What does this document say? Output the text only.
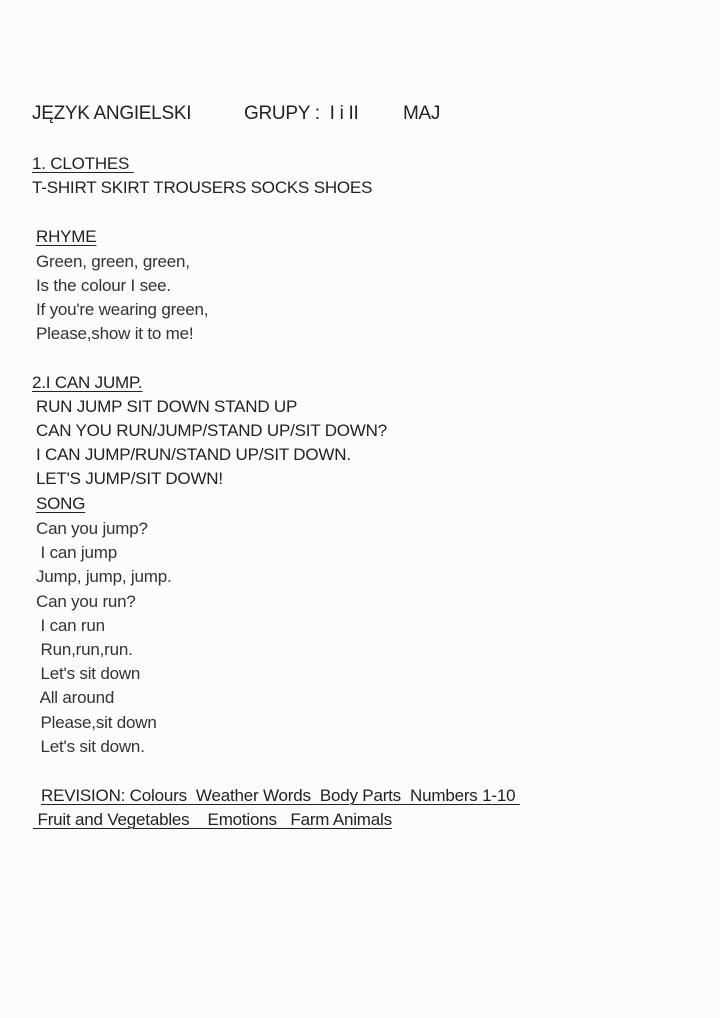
JĘZYK ANGIELSKI	GRUPY :  I i II MAJ
1. CLOTHES
T-SHIRT SKIRT TROUSERS SOCKS SHOES
RHYME
Green, green, green,
Is the colour I see.
If you're wearing green,
Please,show it to me!
2.I CAN JUMP.
RUN JUMP SIT DOWN STAND UP
CAN YOU RUN/JUMP/STAND UP/SIT DOWN?
I CAN JUMP/RUN/STAND UP/SIT DOWN.
LET'S JUMP/SIT DOWN!
SONG
Can you jump?
I can jump
Jump, jump, jump.
Can you run?
I can run
Run,run,run.
Let's sit down
All around
Please,sit down
Let's sit down.
REVISION: Colours  Weather Words  Body Parts  Numbers 1-10
Fruit and Vegetables    Emotions   Farm Animals
